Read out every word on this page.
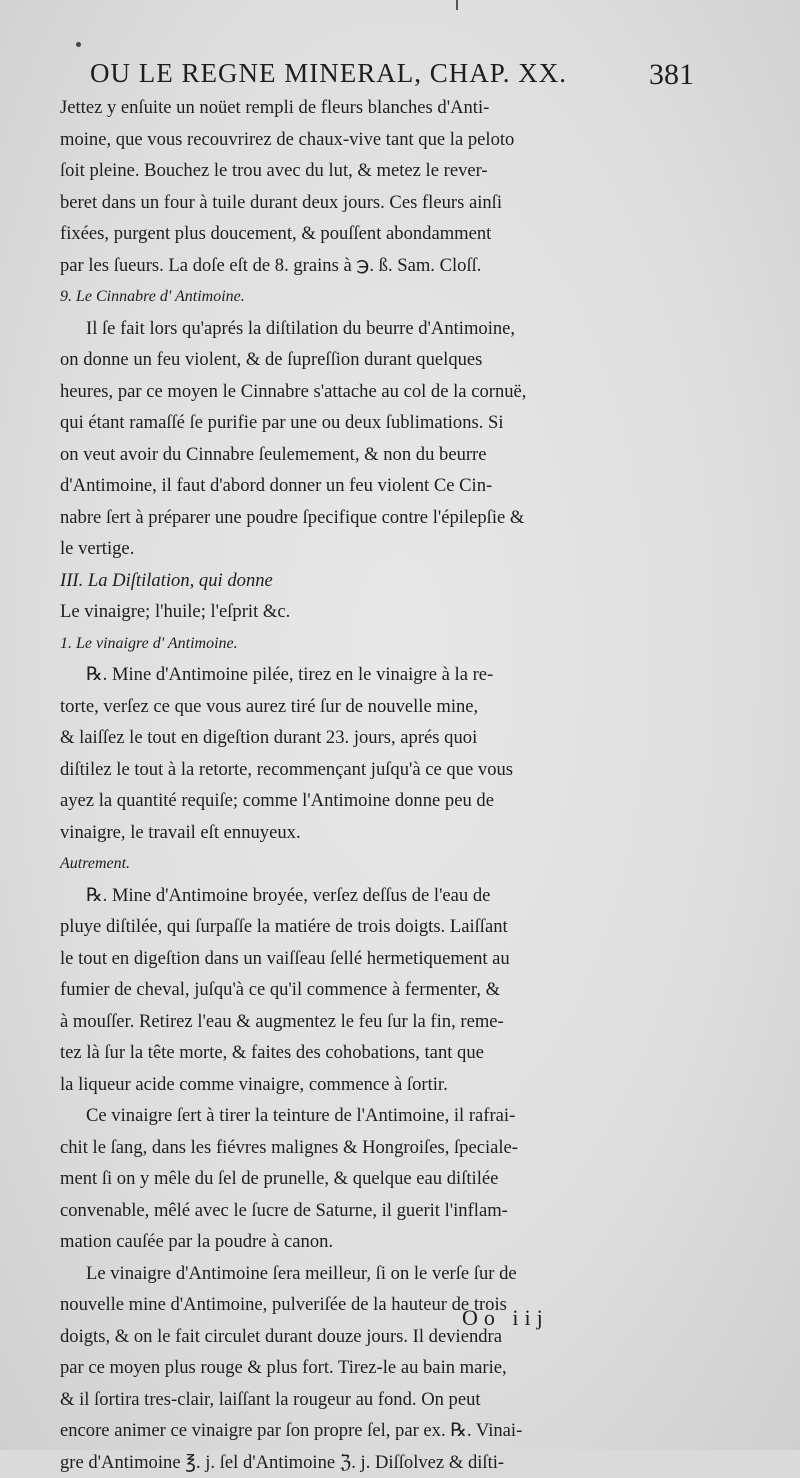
OU LE REGNE MINERAL, CHAP. XX.	381
Jettez y enſuite un noüet rempli de fleurs blanches d'Anti-
moine, que vous recouvrirez de chaux-vive tant que la peloto
ſoit pleine. Bouchez le trou avec du lut, & metez le rever-
beret dans un four à tuile durant deux jours. Ces fleurs ainſi
fixées, purgent plus doucement, & pouſſent abondamment
par les ſueurs. La doſe eſt de 8. grains à ℈. ß. Sam. Cloſſ.
9. Le Cinnabre d' Antimoine.
Il ſe fait lors qu'aprés la diſtilation du beurre d'Antimoine,
on donne un feu violent, & de ſupreſſion durant quelques
heures, par ce moyen le Cinnabre s'attache au col de la cornuë,
qui étant ramaſſé ſe purifie par une ou deux ſublimations. Si
on veut avoir du Cinnabre ſeulemement, & non du beurre
d'Antimoine, il faut d'abord donner un feu violent Ce Cin-
nabre ſert à préparer une poudre ſpecifique contre l'épilepſie &
le vertige.
III. La Diſtilation, qui donne
Le vinaigre; l'huile; l'eſprit &c.
1. Le vinaigre d' Antimoine.
℞. Mine d'Antimoine pilée, tirez en le vinaigre à la re-
torte, verſez ce que vous aurez tiré ſur de nouvelle mine,
& laiſſez le tout en digeſtion durant 23. jours, aprés quoi
diſtilez le tout à la retorte, recommençant juſqu'à ce que vous
ayez la quantité requiſe; comme l'Antimoine donne peu de
vinaigre, le travail eſt ennuyeux.
Autrement.
℞. Mine d'Antimoine broyée, verſez deſſus de l'eau de
pluye diſtilée, qui ſurpaſſe la matiére de trois doigts. Laiſſant
le tout en digeſtion dans un vaiſſeau ſellé hermetiquement au
fumier de cheval, juſqu'à ce qu'il commence à fermenter, &
à mouſſer. Retirez l'eau & augmentez le feu ſur la fin, reme-
tez là ſur la tête morte, & faites des cohobations, tant que
la liqueur acide comme vinaigre, commence à ſortir.
Ce vinaigre ſert à tirer la teinture de l'Antimoine, il rafrai-
chit le ſang, dans les fiévres malignes & Hongroiſes, ſpeciale-
ment ſi on y mêle du ſel de prunelle, & quelque eau diſtilée
convenable, mêlé avec le ſucre de Saturne, il guerit l'inflam-
mation cauſée par la poudre à canon.
Le vinaigre d'Antimoine ſera meilleur, ſi on le verſe ſur de
nouvelle mine d'Antimoine, pulveriſée de la hauteur de trois
doigts, & on le fait circulet durant douze jours. Il deviendra
par ce moyen plus rouge & plus fort. Tirez-le au bain marie,
& il ſortira tres-clair, laiſſant la rougeur au fond. On peut
encore animer ce vinaigre par ſon propre ſel, par ex. ℞. Vinai-
gre d'Antimoine ℥. j. ſel d'Antimoine ℨ. j. Diſſolvez & diſti-
Oo iij
